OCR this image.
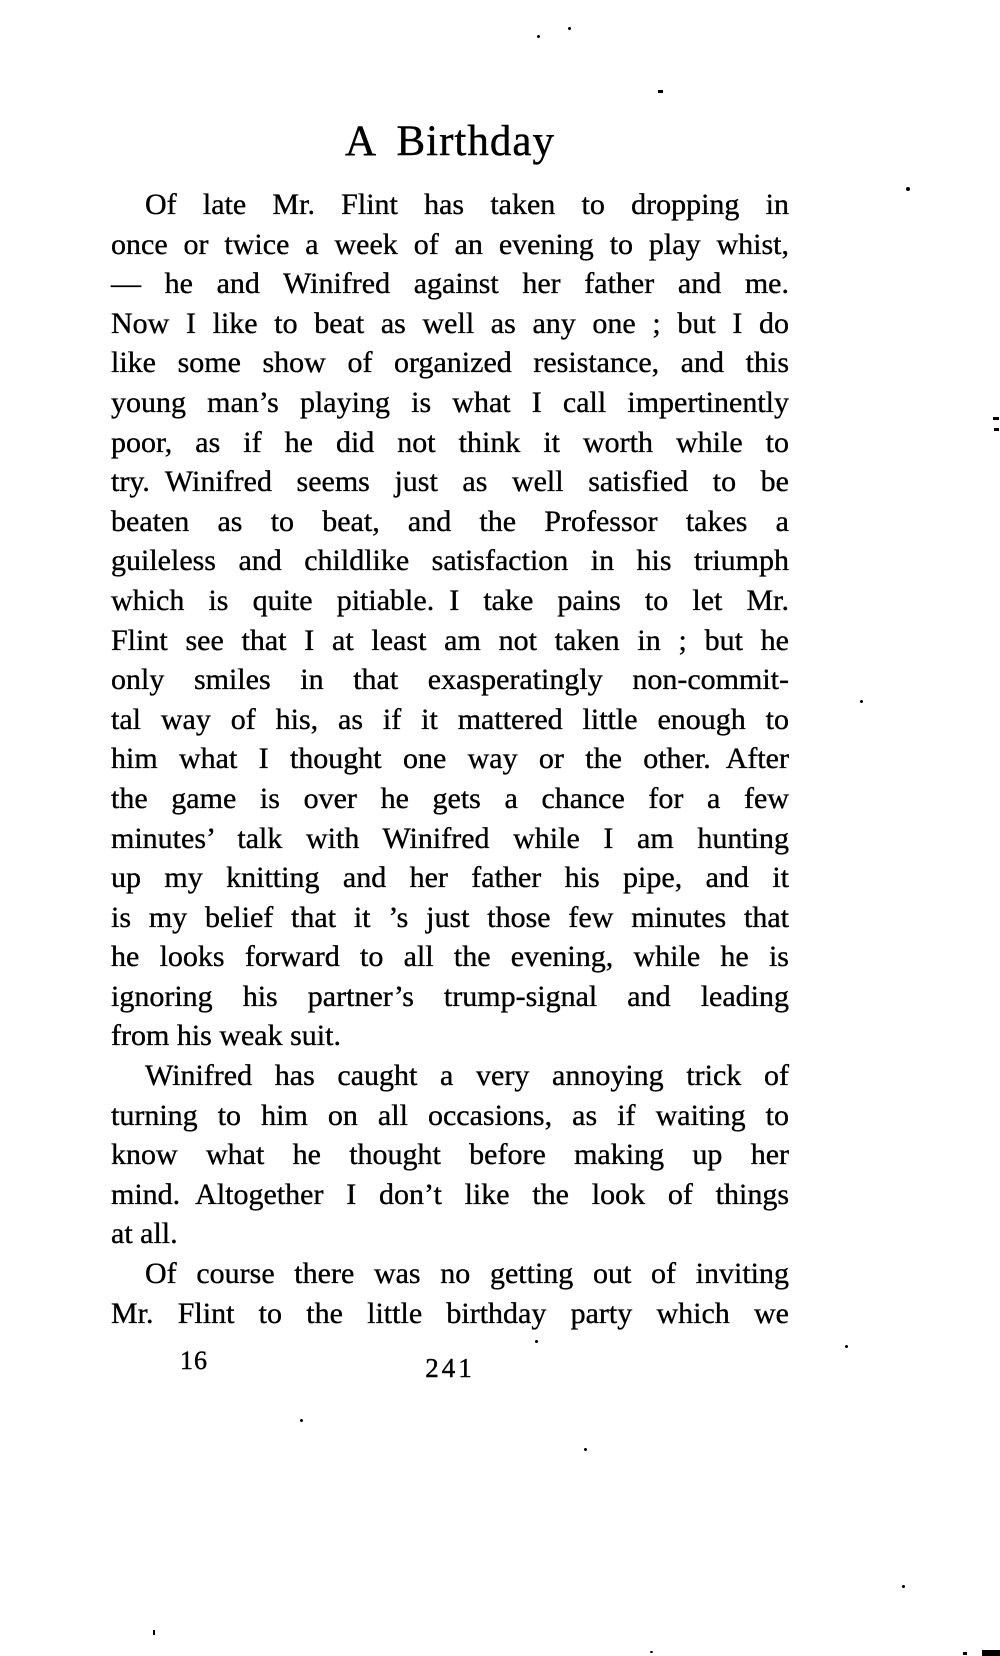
A Birthday
Of late Mr. Flint has taken to dropping in
once or twice a week of an evening to play whist,
— he and Winifred against her father and me.
Now I like to beat as well as any one ; but I do
like some show of organized resistance, and this
young man’s playing is what I call impertinently
poor, as if he did not think it worth while to
try. Winifred seems just as well satisfied to be
beaten as to beat, and the Professor takes a
guileless and childlike satisfaction in his triumph
which is quite pitiable. I take pains to let Mr.
Flint see that I at least am not taken in ; but he
only smiles in that exasperatingly non-commit-
tal way of his, as if it mattered little enough to
him what I thought one way or the other. After
the game is over he gets a chance for a few
minutes’ talk with Winifred while I am hunting
up my knitting and her father his pipe, and it
is my belief that it ’s just those few minutes that
he looks forward to all the evening, while he is
ignoring his partner’s trump-signal and leading
from his weak suit.
Winifred has caught a very annoying trick of
turning to him on all occasions, as if waiting to
know what he thought before making up her
mind. Altogether I don’t like the look of things
at all.
Of course there was no getting out of inviting
Mr. Flint to the little birthday party which we
16	241
